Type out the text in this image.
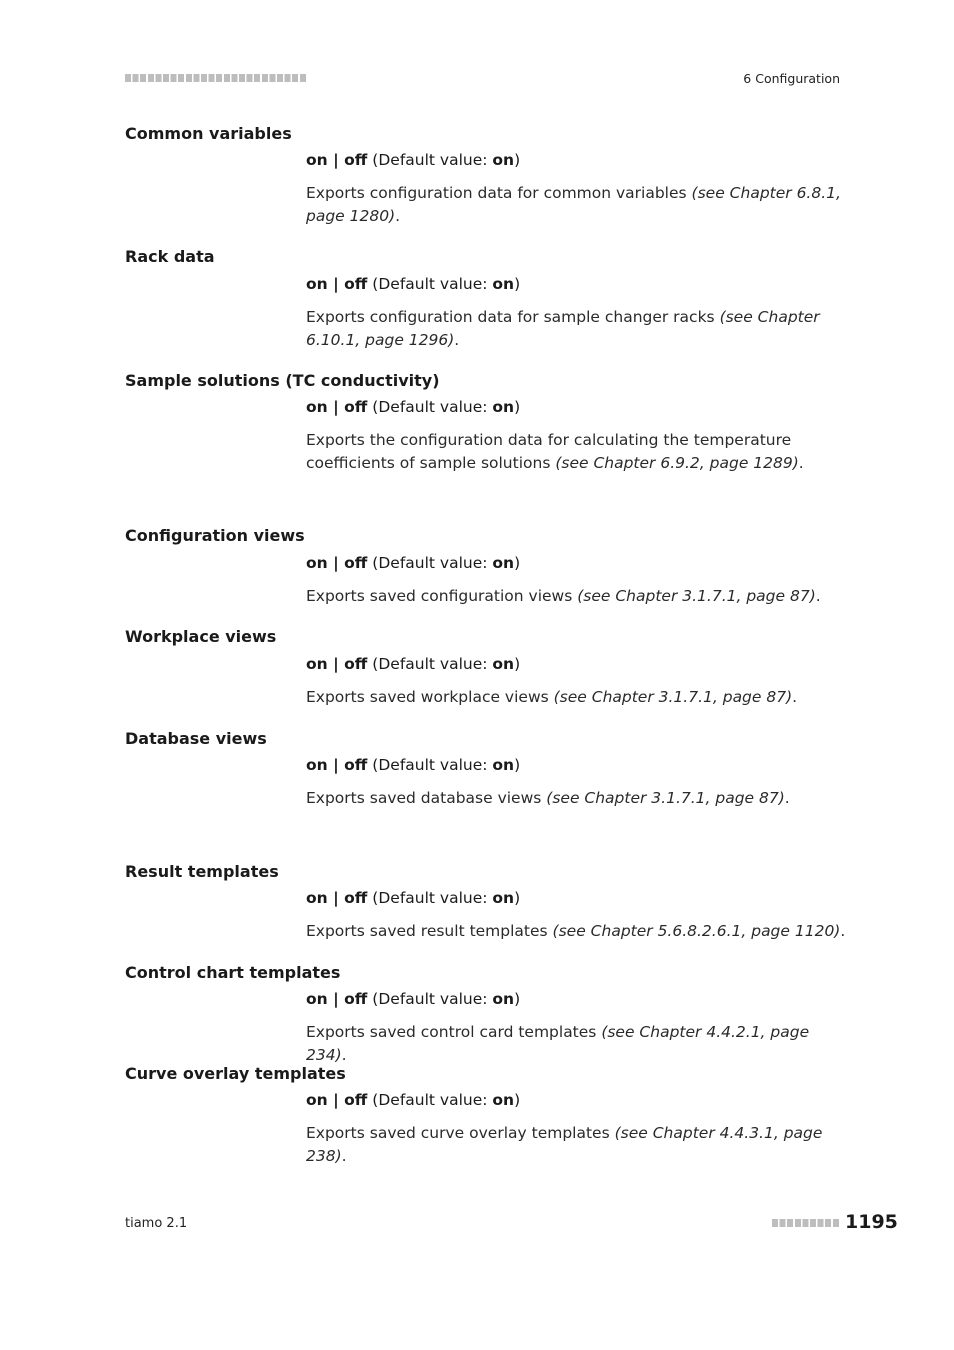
6 Configuration
Common variables
on | off (Default value: on)
Exports configuration data for common variables (see Chapter 6.8.1, page 1280).
Rack data
on | off (Default value: on)
Exports configuration data for sample changer racks (see Chapter 6.10.1, page 1296).
Sample solutions (TC conductivity)
on | off (Default value: on)
Exports the configuration data for calculating the temperature coefficients of sample solutions (see Chapter 6.9.2, page 1289).
Configuration views
on | off (Default value: on)
Exports saved configuration views (see Chapter 3.1.7.1, page 87).
Workplace views
on | off (Default value: on)
Exports saved workplace views (see Chapter 3.1.7.1, page 87).
Database views
on | off (Default value: on)
Exports saved database views (see Chapter 3.1.7.1, page 87).
Result templates
on | off (Default value: on)
Exports saved result templates (see Chapter 5.6.8.2.6.1, page 1120).
Control chart templates
on | off (Default value: on)
Exports saved control card templates (see Chapter 4.4.2.1, page 234).
Curve overlay templates
on | off (Default value: on)
Exports saved curve overlay templates (see Chapter 4.4.3.1, page 238).
tiamo 2.1	1195
